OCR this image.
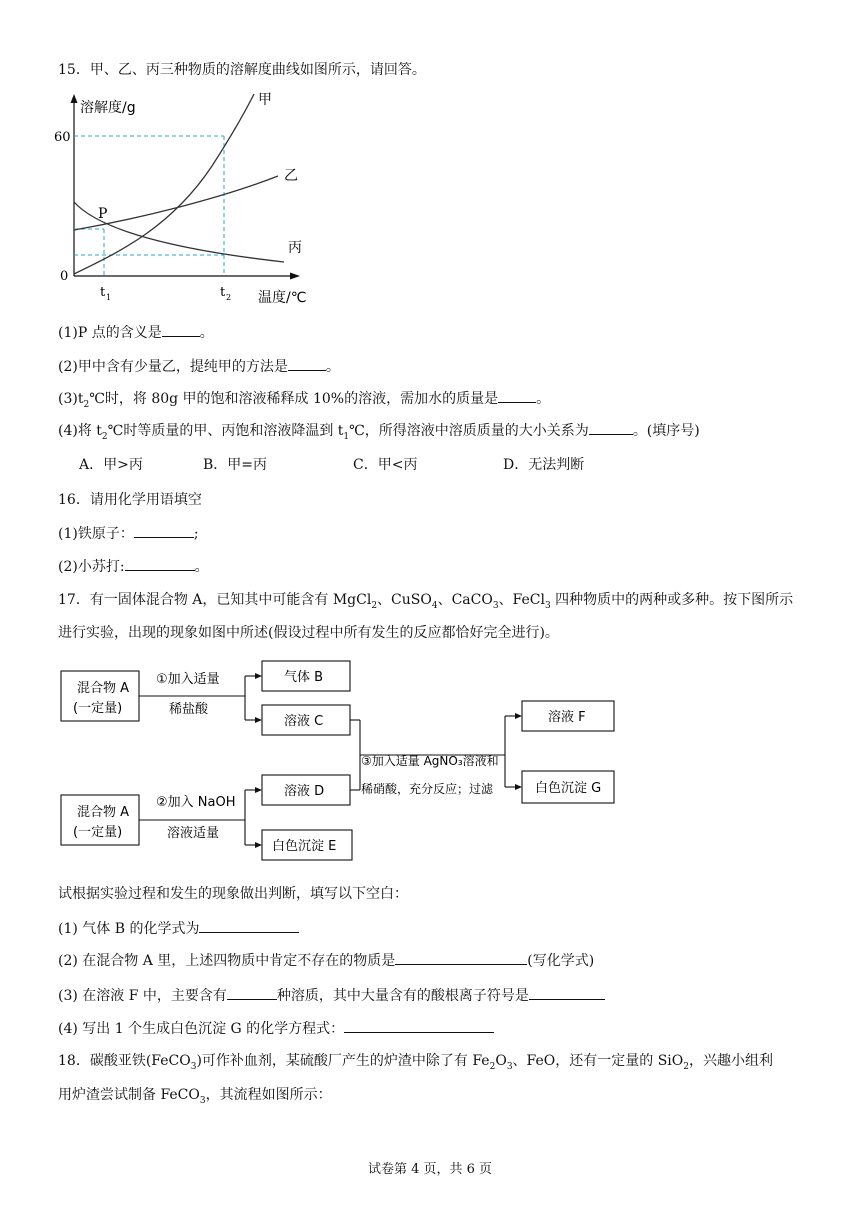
15．甲、乙、丙三种物质的溶解度曲线如图所示，请回答。
溶解度/g
60
0
P
甲
乙
丙
t 1	t 2 温度/℃
(1)P 点的含义是	。
(2)甲中含有少量乙，提纯甲的方法是	。
$(3)t_2℃$时，将 80g 甲的饱和溶液稀释成 10%的溶液，需加水的质量是	。
(4)将 $t_2℃$时等质量的甲、丙饱和溶液降温到 $t_1℃$，所得溶液中溶质质量的大小关系为	。(填序号)
A．甲>丙	B．甲=丙	C．甲<丙	D．无法判断
16．请用化学用语填空
(1)铁原子：	;
(2)小苏打:	。
17．有一固体混合物 A，已知其中可能含有 MgCl$_2$、CuSO$_4$、CaCO$_3$、FeCl$_3$ 四种物质中的两种或多种。按下图所示
进行实验，出现的现象如图中所述(假设过程中所有发生的反应都恰好完全进行)。
混合物 A
(一定量)
①加入适量
稀盐酸
气体 B
溶液 C
混合物 A
(一定量)
②加入 NaOH
溶液适量
溶液 D
白色沉淀 E
③加入适量 AgNO₃溶液和
稀硝酸，充分反应；过滤
溶液 F
白色沉淀 G
试根据实验过程和发生的现象做出判断，填写以下空白：
(1) 气体 B 的化学式为
(2) 在混合物 A 里，上述四物质中肯定不存在的物质是	(写化学式)
(3) 在溶液 F 中，主要含有	种溶质，其中大量含有的酸根离子符号是
(4) 写出 1 个生成白色沉淀 G 的化学方程式：
18．碳酸亚铁(FeCO$_3$)可作补血剂，某硫酸厂产生的炉渣中除了有 $Fe_2O_3$、FeO，还有一定量的 SiO$_2$，兴趣小组利
用炉渣尝试制备 FeCO$_3$，其流程如图所示：
试卷第 4 页，共 6 页
